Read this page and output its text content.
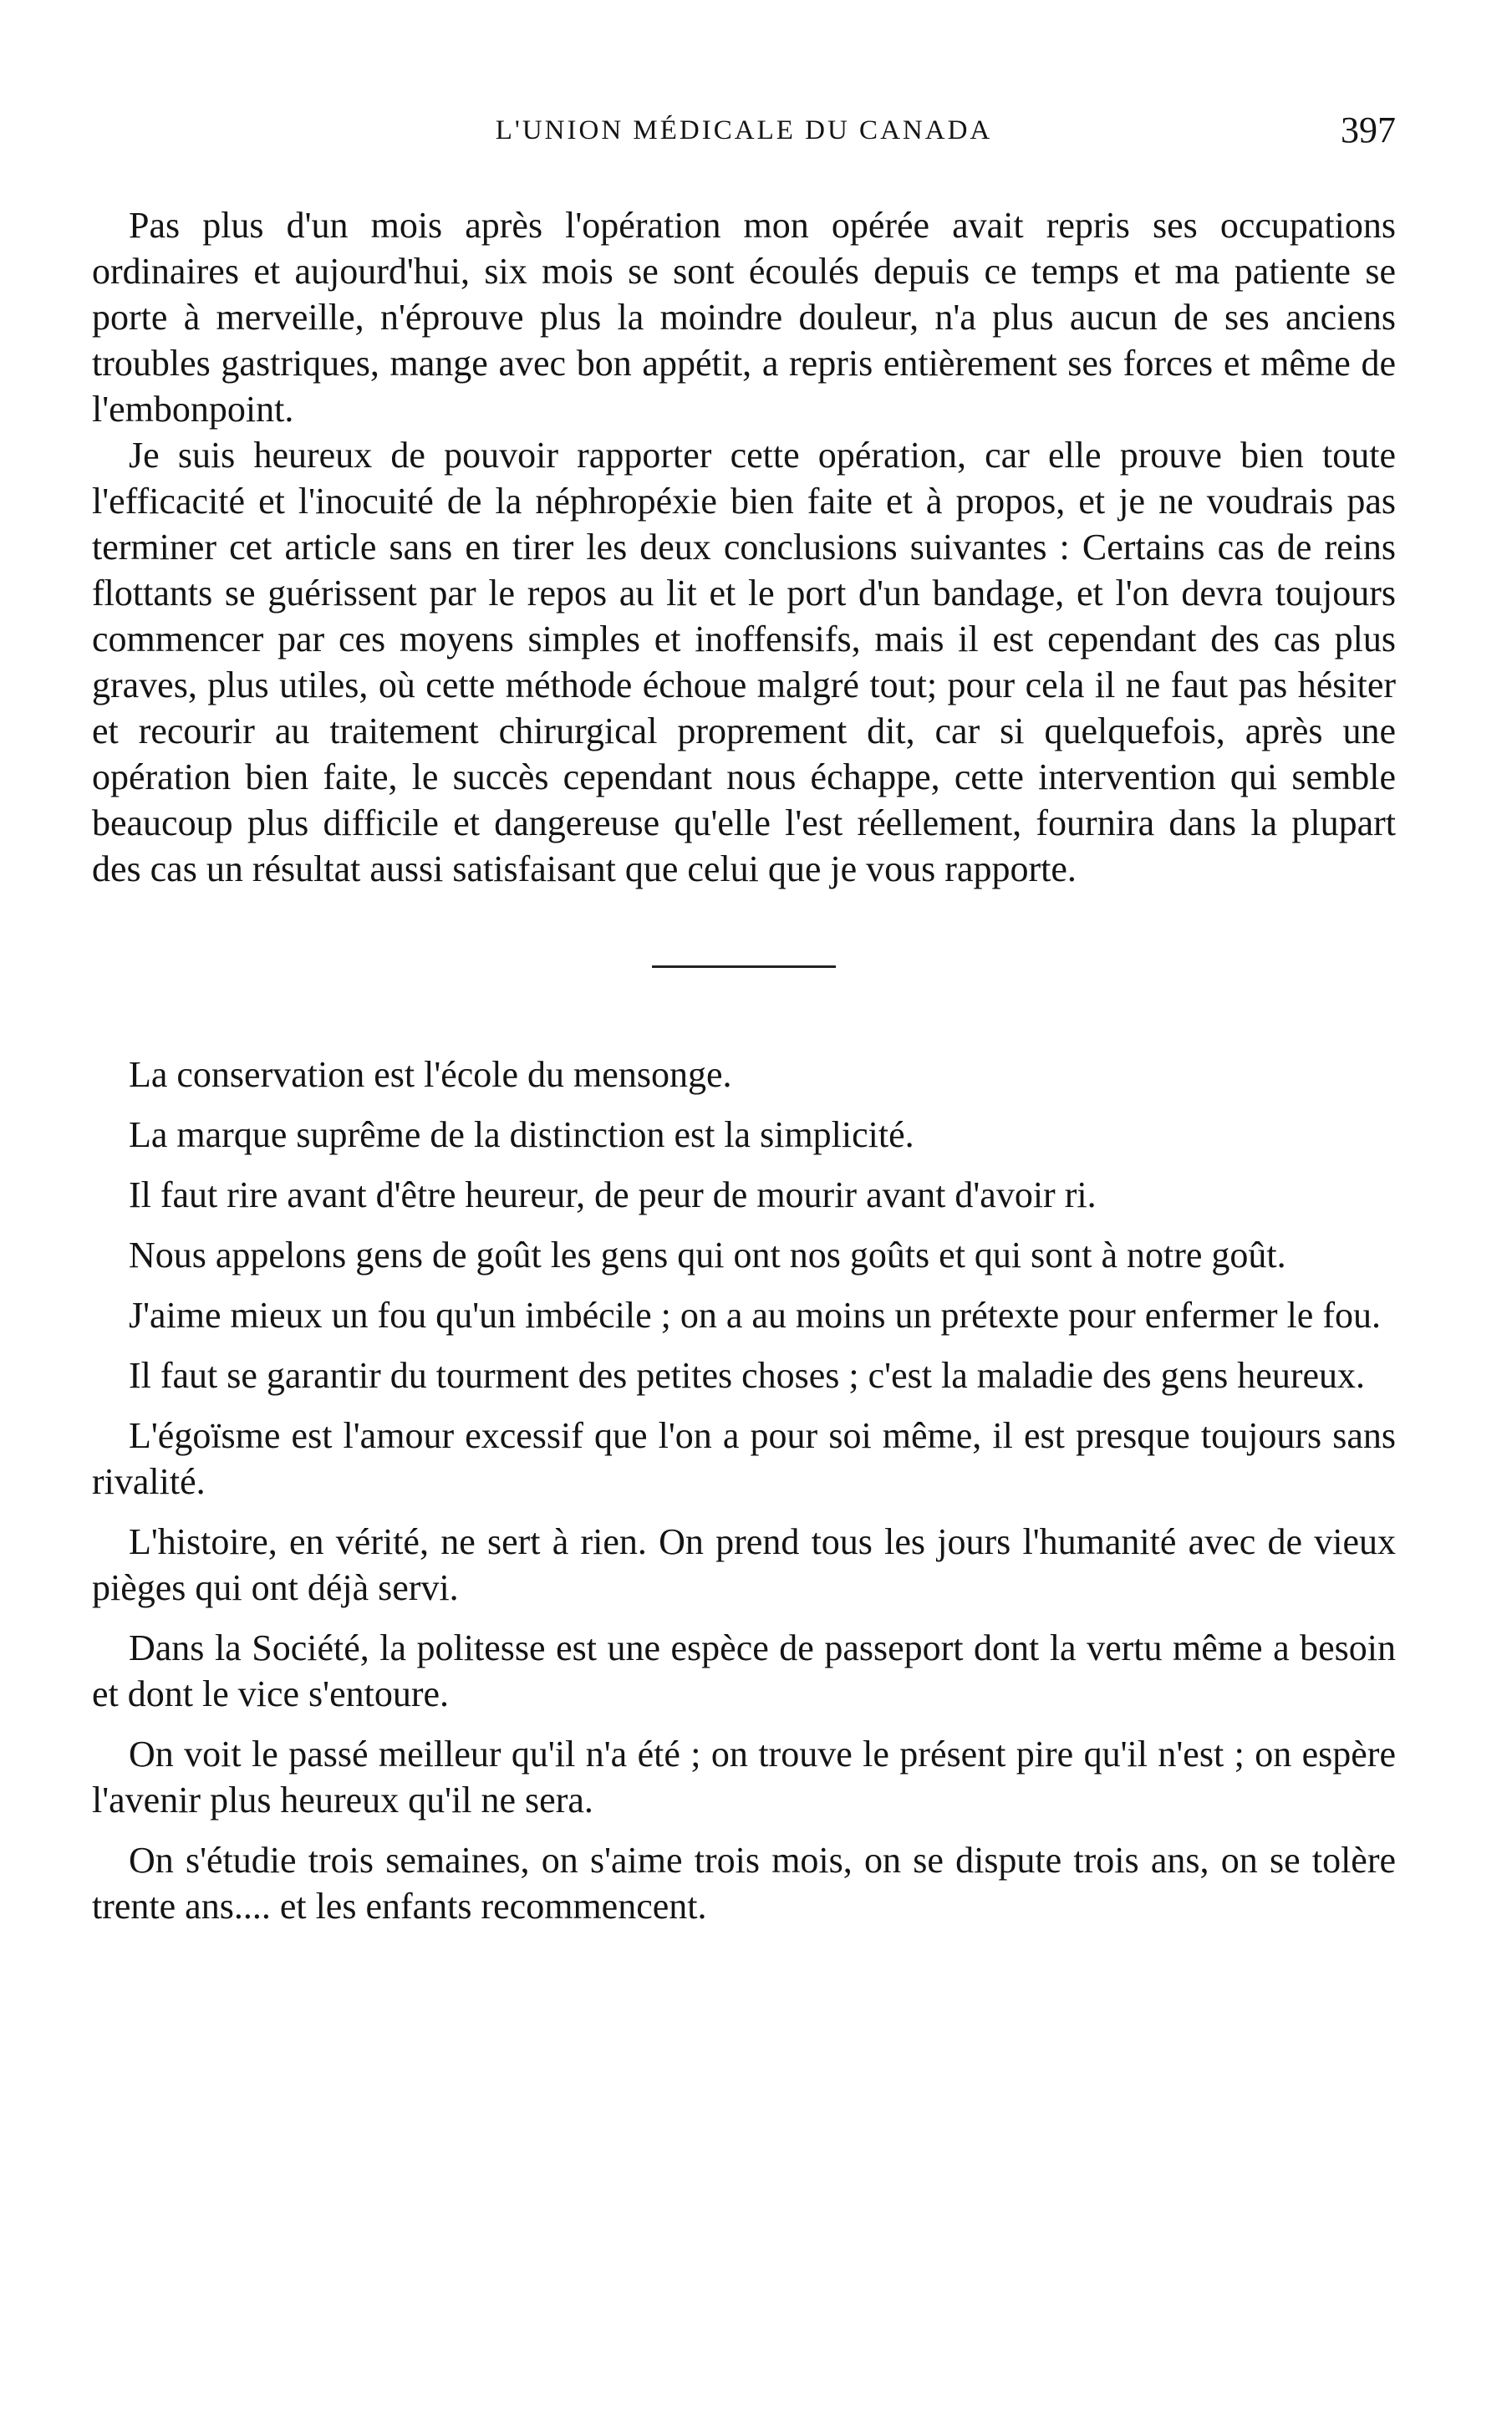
L'UNION MÉDICALE DU CANADA	397

Pas plus d'un mois après l'opération mon opérée avait repris ses occupations ordinaires et aujourd'hui, six mois se sont écoulés depuis ce temps et ma patiente se porte à merveille, n'éprouve plus la moindre douleur, n'a plus aucun de ses anciens troubles gastriques, mange avec bon appétit, a repris entièrement ses forces et même de l'embonpoint.

Je suis heureux de pouvoir rapporter cette opération, car elle prouve bien toute l'efficacité et l'inocuité de la néphropéxie bien faite et à propos, et je ne voudrais pas terminer cet article sans en tirer les deux conclusions suivantes : Certains cas de reins flottants se guérissent par le repos au lit et le port d'un bandage, et l'on devra toujours commencer par ces moyens simples et inoffensifs, mais il est cependant des cas plus graves, plus utiles, où cette méthode échoue malgré tout; pour cela il ne faut pas hésiter et recourir au traitement chirurgical proprement dit, car si quelquefois, après une opération bien faite, le succès cependant nous échappe, cette intervention qui semble beaucoup plus difficile et dangereuse qu'elle l'est réellement, fournira dans la plupart des cas un résultat aussi satisfaisant que celui que je vous rapporte.

La conservation est l'école du mensonge.

La marque suprême de la distinction est la simplicité.

Il faut rire avant d'être heureur, de peur de mourir avant d'avoir ri.

Nous appelons gens de goût les gens qui ont nos goûts et qui sont à notre goût.

J'aime mieux un fou qu'un imbécile ; on a au moins un prétexte pour enfermer le fou.

Il faut se garantir du tourment des petites choses ; c'est la maladie des gens heureux.

L'égoïsme est l'amour excessif que l'on a pour soi même, il est presque toujours sans rivalité.

L'histoire, en vérité, ne sert à rien. On prend tous les jours l'humanité avec de vieux pièges qui ont déjà servi.

Dans la Société, la politesse est une espèce de passeport dont la vertu même a besoin et dont le vice s'entoure.

On voit le passé meilleur qu'il n'a été ; on trouve le présent pire qu'il n'est ; on espère l'avenir plus heureux qu'il ne sera.

On s'étudie trois semaines, on s'aime trois mois, on se dispute trois ans, on se tolère trente ans.... et les enfants recommencent.
